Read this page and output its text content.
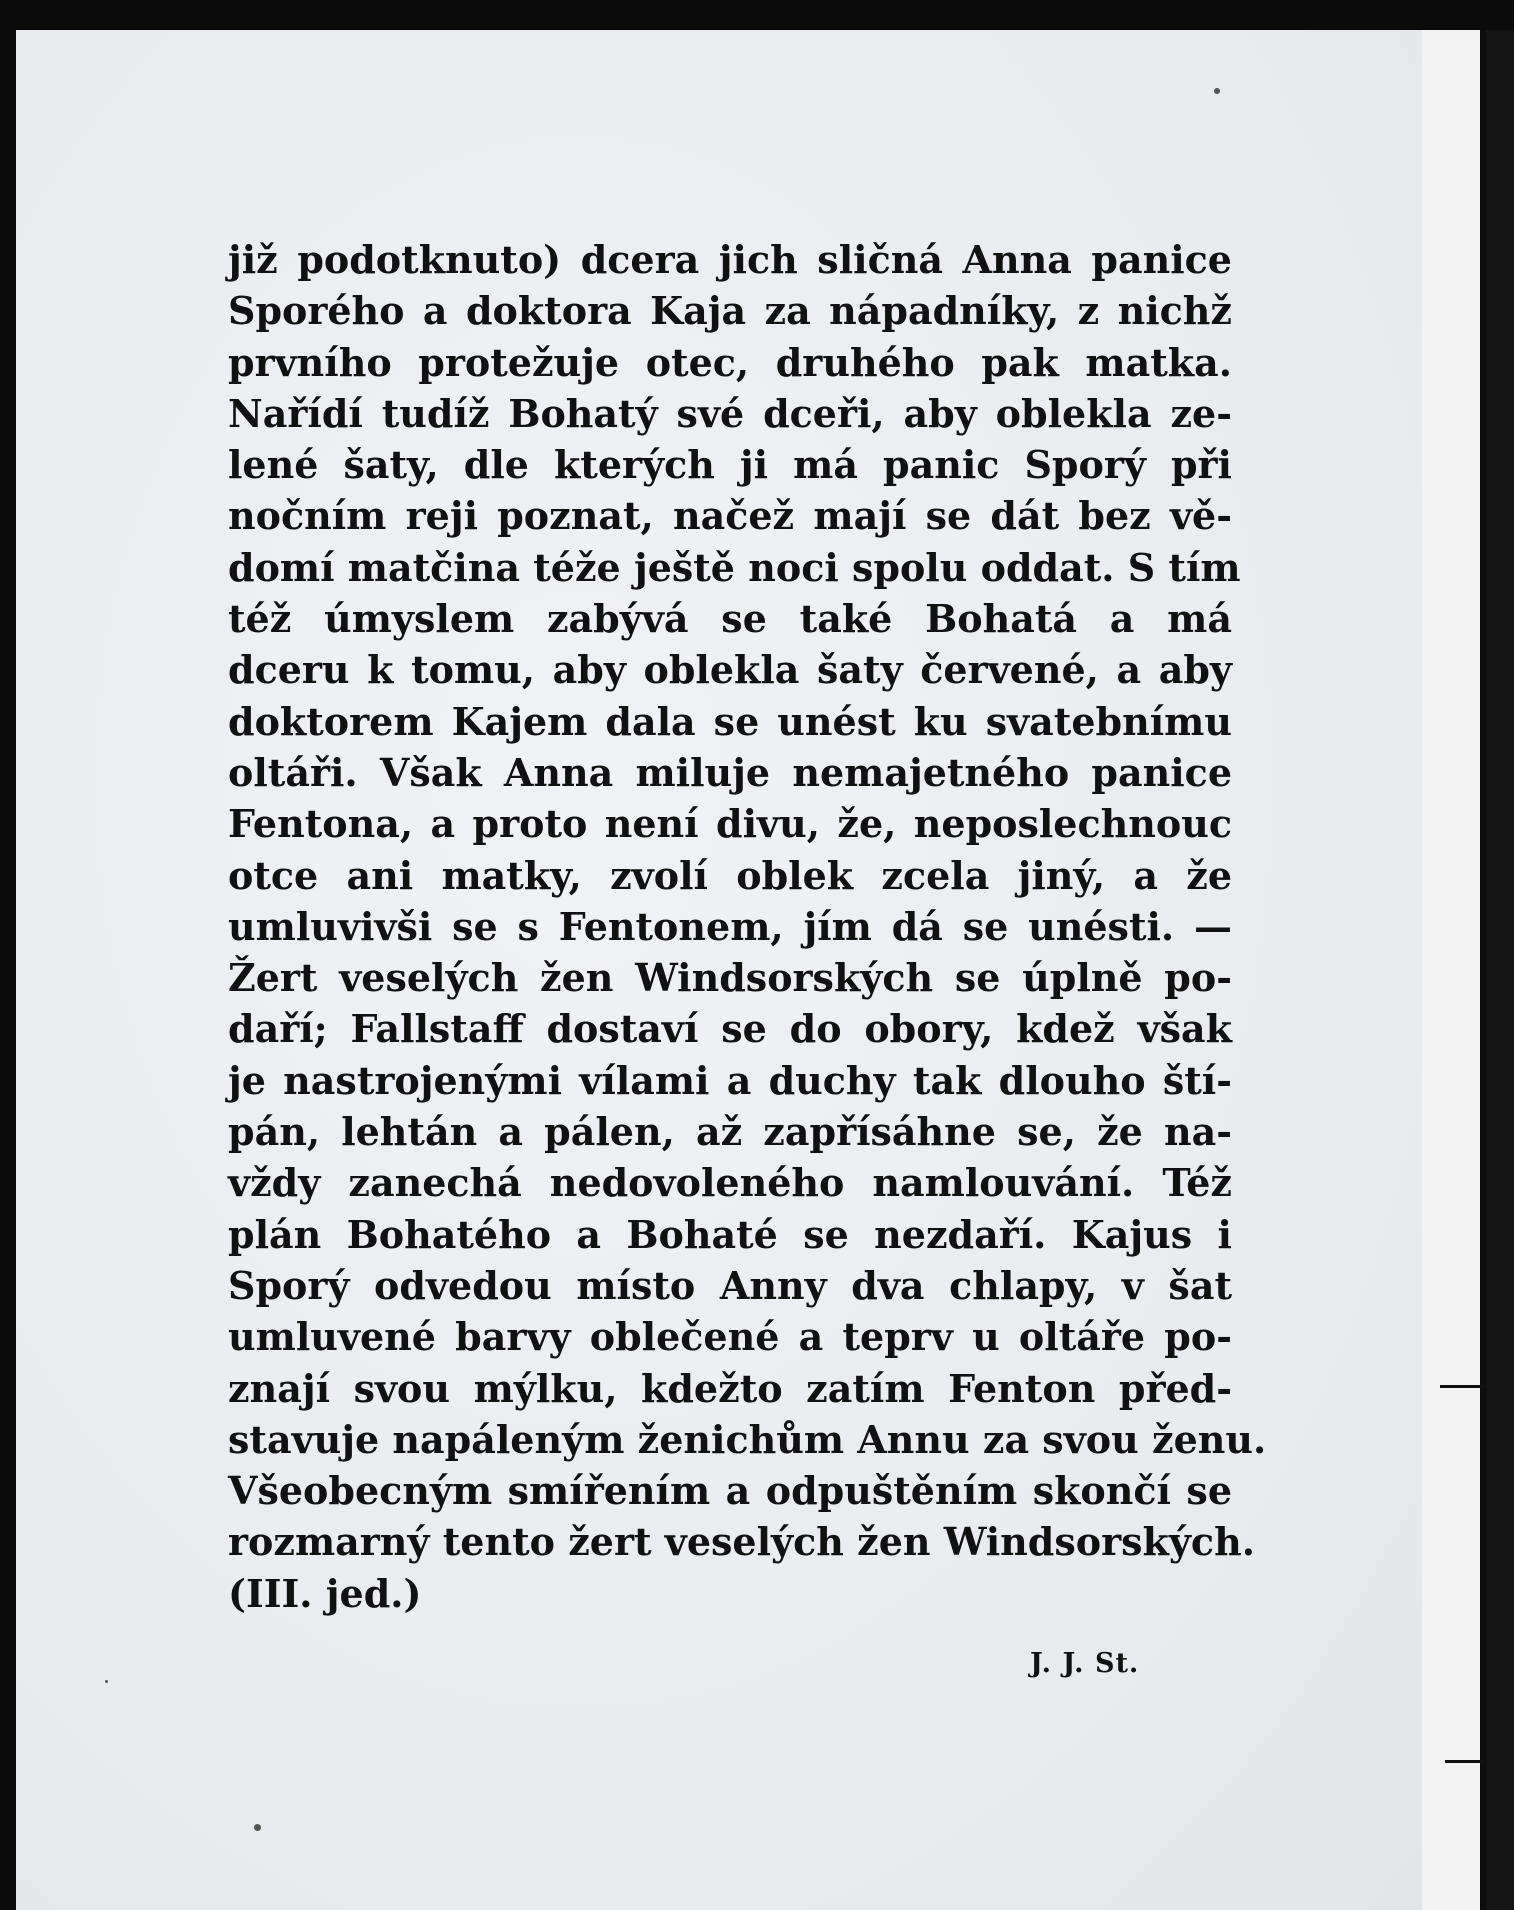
již podotknuto) dcera jich sličná Anna panice
Sporého a doktora Kaja za nápadníky, z nichž
prvního protežuje otec, druhého pak matka.
Nařídí tudíž Bohatý své dceři, aby oblekla ze-
lené šaty, dle kterých ji má panic Sporý při
nočním reji poznat, načež mají se dát bez vě-
domí matčina téže ještě noci spolu oddat. S tím
též úmyslem zabývá se také Bohatá a má
dceru k tomu, aby oblekla šaty červené, a aby
doktorem Kajem dala se unést ku svatebnímu
oltáři. Však Anna miluje nemajetného panice
Fentona, a proto není divu, že, neposlechnouc
otce ani matky, zvolí oblek zcela jiný, a že
umluvivši se s Fentonem, jím dá se unésti. —
Žert veselých žen Windsorských se úplně po-
daří; Fallstaff dostaví se do obory, kdež však
je nastrojenými vílami a duchy tak dlouho ští-
pán, lehtán a pálen, až zapřísáhne se, že na-
vždy zanechá nedovoleného namlouvání. Též
plán Bohatého a Bohaté se nezdaří. Kajus i
Sporý odvedou místo Anny dva chlapy, v šat
umluvené barvy oblečené a teprv u oltáře po-
znají svou mýlku, kdežto zatím Fenton před-
stavuje napáleným ženichům Annu za svou ženu.
Všeobecným smířením a odpuštěním skončí se
rozmarný tento žert veselých žen Windsorských.
(III. jed.)
J. J. St.
